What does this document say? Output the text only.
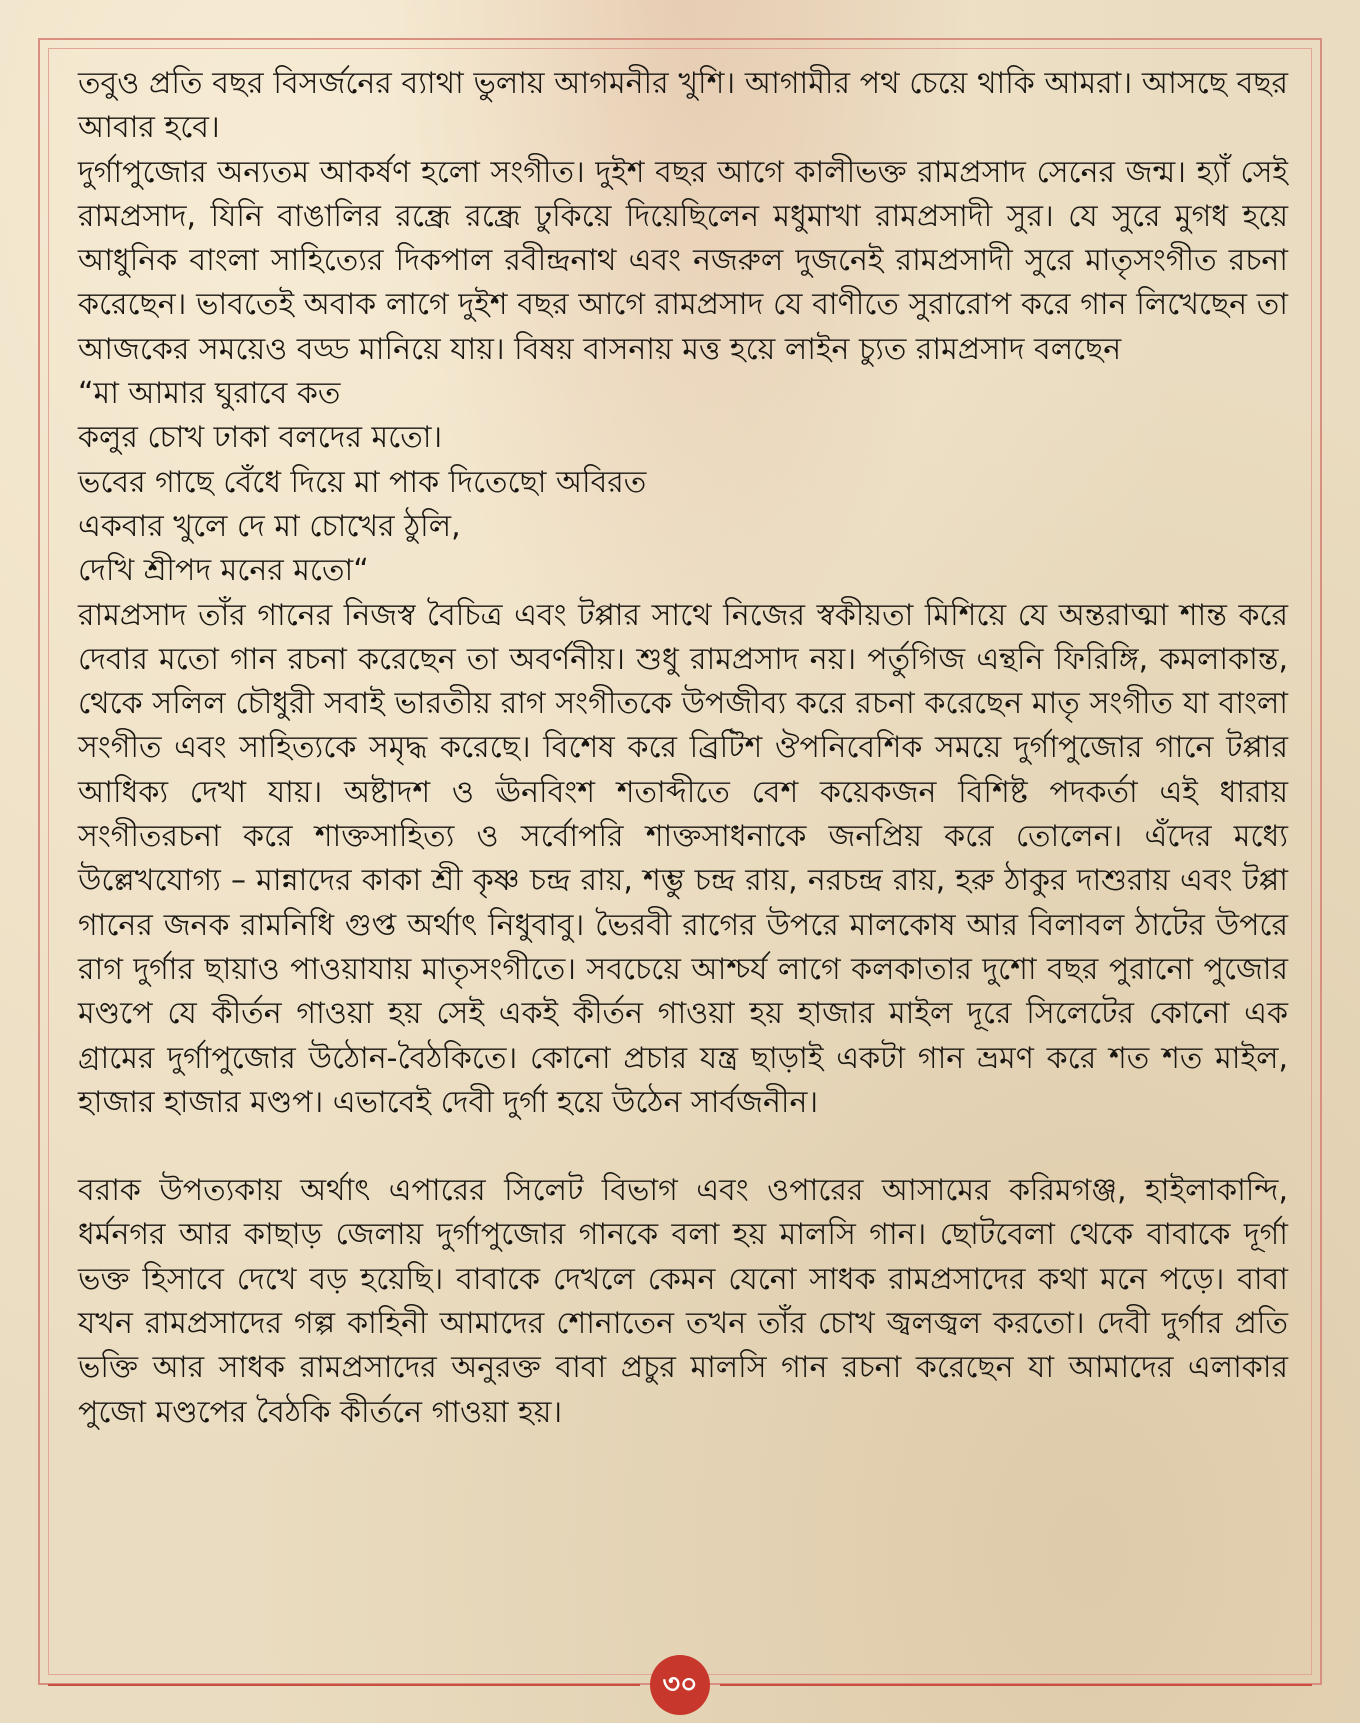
তবুও প্রতি বছর বিসর্জনের ব্যাথা ভুলায় আগমনীর খুশি। আগামীর পথ চেয়ে থাকি আমরা। আসছে বছর আবার হবে।

দুর্গাপুজোর অন্যতম আকর্ষণ হলো সংগীত। দুইশ বছর আগে কালীভক্ত রামপ্রসাদ সেনের জন্ম। হ্যাঁ সেই রামপ্রসাদ, যিনি বাঙালির রন্ধ্রে রন্ধ্রে ঢুকিয়ে দিয়েছিলেন মধুমাখা রামপ্রসাদী সুর। যে সুরে মুগধ হয়ে আধুনিক বাংলা সাহিত্যের দিকপাল রবীন্দ্রনাথ এবং নজরুল দুজনেই রামপ্রসাদী সুরে মাতৃসংগীত রচনা করেছেন। ভাবতেই অবাক লাগে দুইশ বছর আগে রামপ্রসাদ যে বাণীতে সুরারোপ করে গান লিখেছেন তা আজকের সময়েও বড্ড মানিয়ে যায়। বিষয় বাসনায় মত্ত হয়ে লাইন চ্যুত রামপ্রসাদ বলছেন

“মা আমার ঘুরাবে কত
কলুর চোখ ঢাকা বলদের মতো।
ভবের গাছে বেঁধে দিয়ে মা পাক দিতেছো অবিরত
একবার খুলে দে মা চোখের ঠুলি,
দেখি শ্রীপদ মনের মতো“

রামপ্রসাদ তাঁর গানের নিজস্ব বৈচিত্র এবং টপ্পার সাথে নিজের স্বকীয়তা মিশিয়ে যে অন্তরাত্মা শান্ত করে দেবার মতো গান রচনা করেছেন তা অবর্ণনীয়। শুধু রামপ্রসাদ নয়। পর্তুগিজ এন্থনি ফিরিঙ্গি, কমলাকান্ত, থেকে সলিল চৌধুরী সবাই ভারতীয় রাগ সংগীতকে উপজীব্য করে রচনা করেছেন মাতৃ সংগীত যা বাংলা সংগীত এবং সাহিত্যকে সমৃদ্ধ করেছে। বিশেষ করে ব্রিটিশ ঔপনিবেশিক সময়ে দুর্গাপুজোর গানে টপ্পার আধিক্য দেখা যায়। অষ্টাদশ ও ঊনবিংশ শতাব্দীতে বেশ কয়েকজন বিশিষ্ট পদকর্তা এই ধারায় সংগীতরচনা করে শাক্তসাহিত্য ও সর্বোপরি শাক্তসাধনাকে জনপ্রিয় করে তোলেন। এঁদের মধ্যে উল্লেখযোগ্য – মান্নাদের কাকা শ্রী কৃষ্ণ চন্দ্র রায়, শম্ভু চন্দ্র রায়, নরচন্দ্র রায়, হরু ঠাকুর দাশুরায় এবং টপ্পা গানের জনক রামনিধি গুপ্ত অর্থাৎ নিধুবাবু। ভৈরবী রাগের উপরে মালকোষ আর বিলাবল ঠাটের উপরে রাগ দুর্গার ছায়াও পাওয়াযায় মাতৃসংগীতে। সবচেয়ে আশ্চর্য লাগে কলকাতার দুশো বছর পুরানো পুজোর মণ্ডপে যে কীর্তন গাওয়া হয় সেই একই কীর্তন গাওয়া হয় হাজার মাইল দূরে সিলেটের কোনো এক গ্রামের দুর্গাপুজোর উঠোন-বৈঠকিতে। কোনো প্রচার যন্ত্র ছাড়াই একটা গান ভ্রমণ করে শত শত মাইল, হাজার হাজার মণ্ডপ। এভাবেই দেবী দুর্গা হয়ে উঠেন সার্বজনীন।

বরাক উপত্যকায় অর্থাৎ এপারের সিলেট বিভাগ এবং ওপারের আসামের করিমগঞ্জ, হাইলাকান্দি, ধর্মনগর আর কাছাড় জেলায় দুর্গাপুজোর গানকে বলা হয় মালসি গান। ছোটবেলা থেকে বাবাকে দূর্গা ভক্ত হিসাবে দেখে বড় হয়েছি। বাবাকে দেখলে কেমন যেনো সাধক রামপ্রসাদের কথা মনে পড়ে। বাবা যখন রামপ্রসাদের গল্প কাহিনী আমাদের শোনাতেন তখন তাঁর চোখ জ্বলজ্বল করতো। দেবী দুর্গার প্রতি ভক্তি আর সাধক রামপ্রসাদের অনুরক্ত বাবা প্রচুর মালসি গান রচনা করেছেন যা আমাদের এলাকার পুজো মণ্ডপের বৈঠকি কীর্তনে গাওয়া হয়।

৩০
